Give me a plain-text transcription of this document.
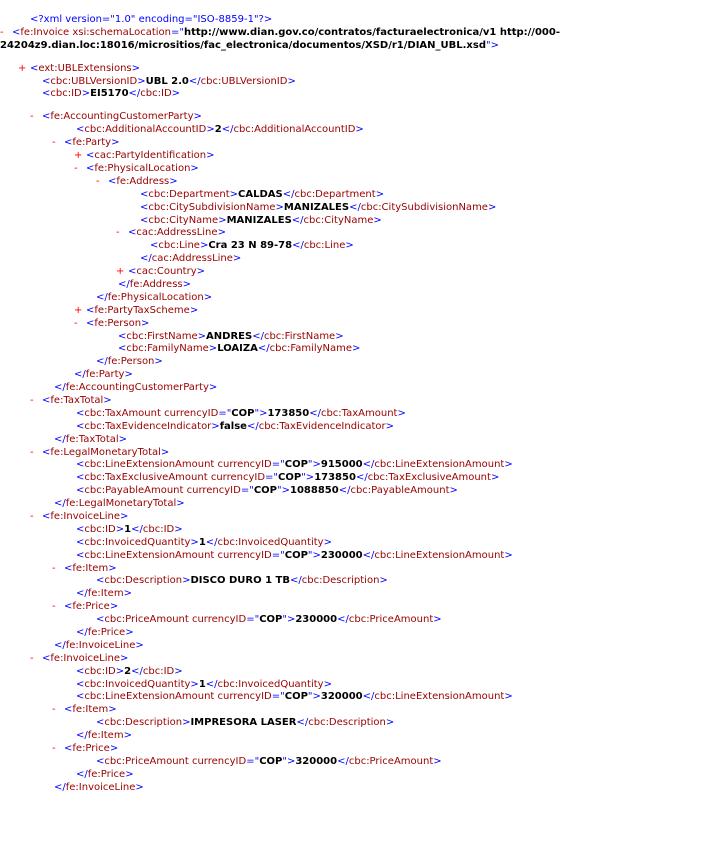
<?xml version="1.0" encoding="ISO-8859-1"?>
- <fe:Invoice xsi:schemaLocation="http://www.dian.gov.co/contratos/facturaelectronica/v1 http://000-24204z9.dian.loc:18016/micrositios/fac_electronica/documentos/XSD/r1/DIAN_UBL.xsd">
+ <ext:UBLExtensions>
<cbc:UBLVersionID>UBL 2.0</cbc:UBLVersionID>
<cbc:ID>EI5170</cbc:ID>
- <fe:AccountingCustomerParty>
<cbc:AdditionalAccountID>2</cbc:AdditionalAccountID>
- <fe:Party>
+ <cac:PartyIdentification>
- <fe:PhysicalLocation>
- <fe:Address>
<cbc:Department>CALDAS</cbc:Department>
<cbc:CitySubdivisionName>MANIZALES</cbc:CitySubdivisionName>
<cbc:CityName>MANIZALES</cbc:CityName>
- <cac:AddressLine>
<cbc:Line>Cra 23 N 89-78</cbc:Line>
</cac:AddressLine>
+ <cac:Country>
</fe:Address>
</fe:PhysicalLocation>
+ <fe:PartyTaxScheme>
- <fe:Person>
<cbc:FirstName>ANDRES</cbc:FirstName>
<cbc:FamilyName>LOAIZA</cbc:FamilyName>
</fe:Person>
</fe:Party>
</fe:AccountingCustomerParty>
- <fe:TaxTotal>
<cbc:TaxAmount currencyID="COP">173850</cbc:TaxAmount>
<cbc:TaxEvidenceIndicator>false</cbc:TaxEvidenceIndicator>
</fe:TaxTotal>
- <fe:LegalMonetaryTotal>
<cbc:LineExtensionAmount currencyID="COP">915000</cbc:LineExtensionAmount>
<cbc:TaxExclusiveAmount currencyID="COP">173850</cbc:TaxExclusiveAmount>
<cbc:PayableAmount currencyID="COP">1088850</cbc:PayableAmount>
</fe:LegalMonetaryTotal>
- <fe:InvoiceLine>
<cbc:ID>1</cbc:ID>
<cbc:InvoicedQuantity>1</cbc:InvoicedQuantity>
<cbc:LineExtensionAmount currencyID="COP">230000</cbc:LineExtensionAmount>
- <fe:Item>
<cbc:Description>DISCO DURO 1 TB</cbc:Description>
</fe:Item>
- <fe:Price>
<cbc:PriceAmount currencyID="COP">230000</cbc:PriceAmount>
</fe:Price>
</fe:InvoiceLine>
- <fe:InvoiceLine>
<cbc:ID>2</cbc:ID>
<cbc:InvoicedQuantity>1</cbc:InvoicedQuantity>
<cbc:LineExtensionAmount currencyID="COP">320000</cbc:LineExtensionAmount>
- <fe:Item>
<cbc:Description>IMPRESORA LASER</cbc:Description>
</fe:Item>
- <fe:Price>
<cbc:PriceAmount currencyID="COP">320000</cbc:PriceAmount>
</fe:Price>
</fe:InvoiceLine>
